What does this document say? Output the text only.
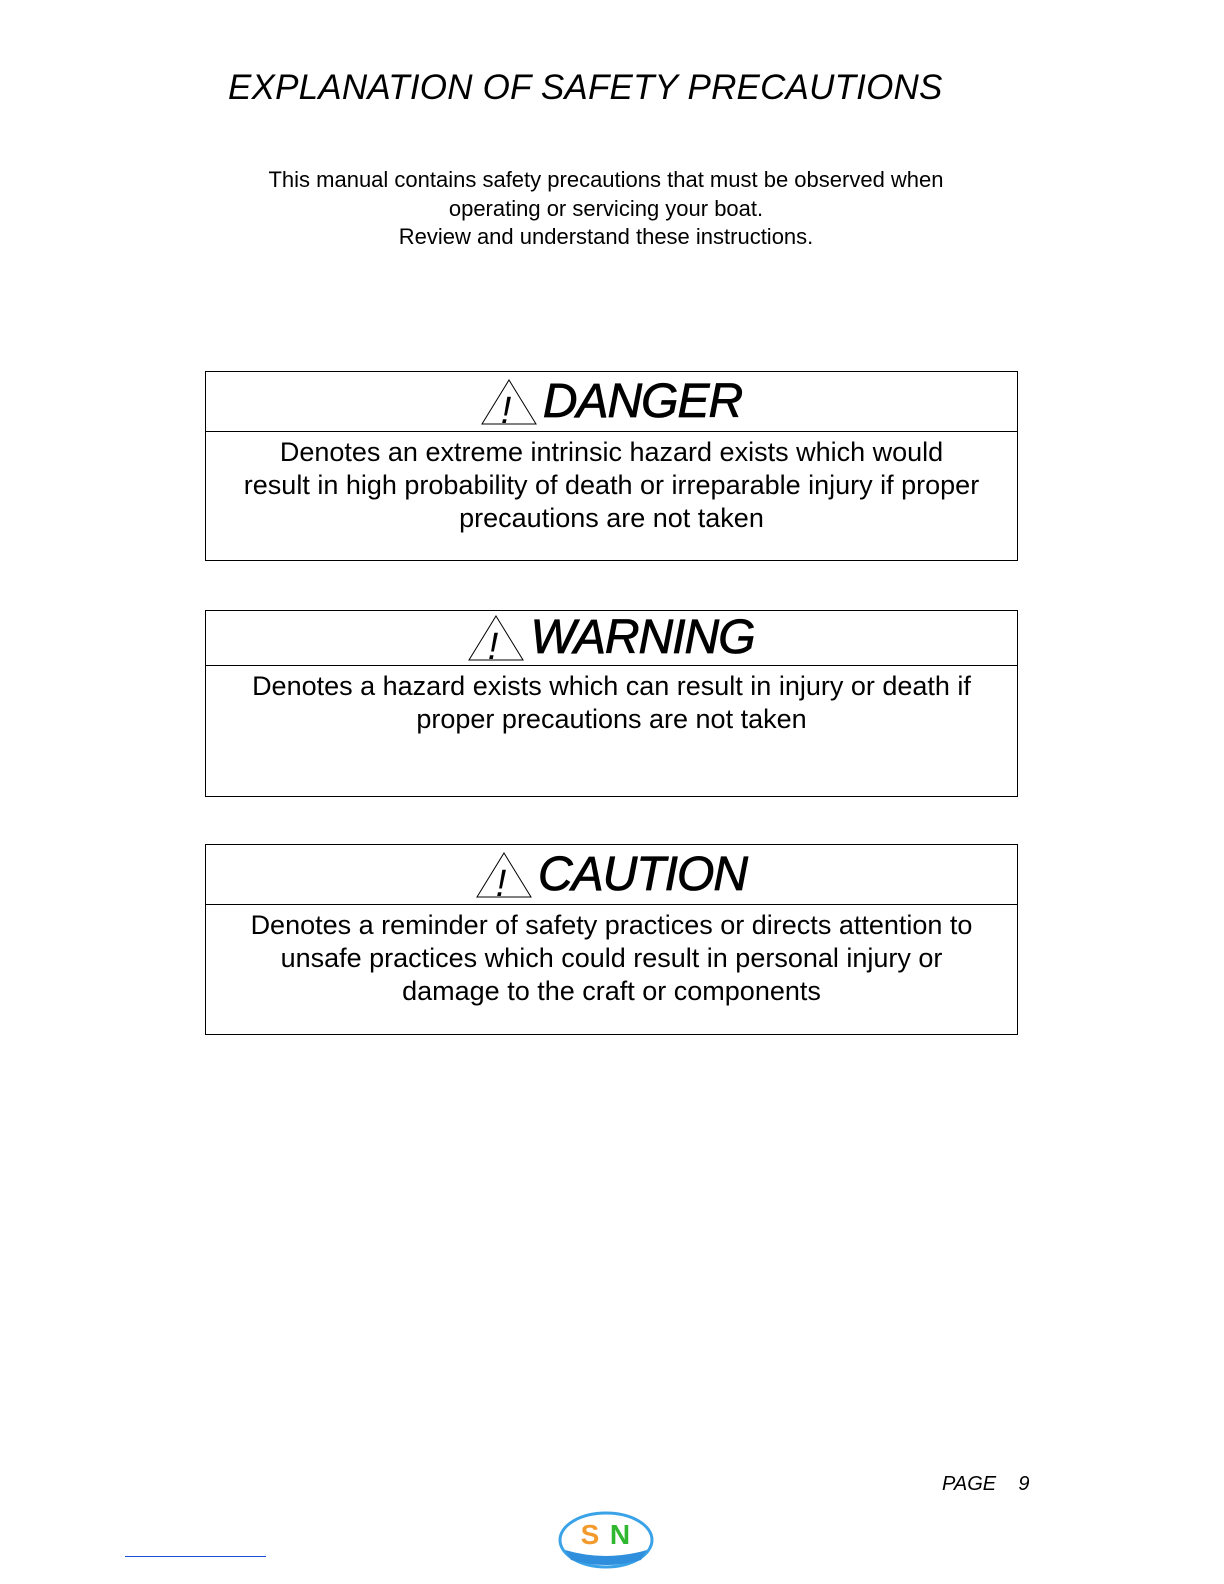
EXPLANATION OF SAFETY PRECAUTIONS
This manual contains safety precautions that must be observed when
operating or servicing your boat.
Review and understand these instructions.
! DANGER
Denotes an extreme intrinsic hazard exists which would
result in high probability of death or irreparable injury if proper
precautions are not taken
! WARNING
Denotes a hazard exists which can result in injury or death if
proper precautions are not taken
! CAUTION
Denotes a reminder of safety practices or directs attention to
unsafe practices which could result in personal injury or
damage to the craft or components
PAGE    9
S N
